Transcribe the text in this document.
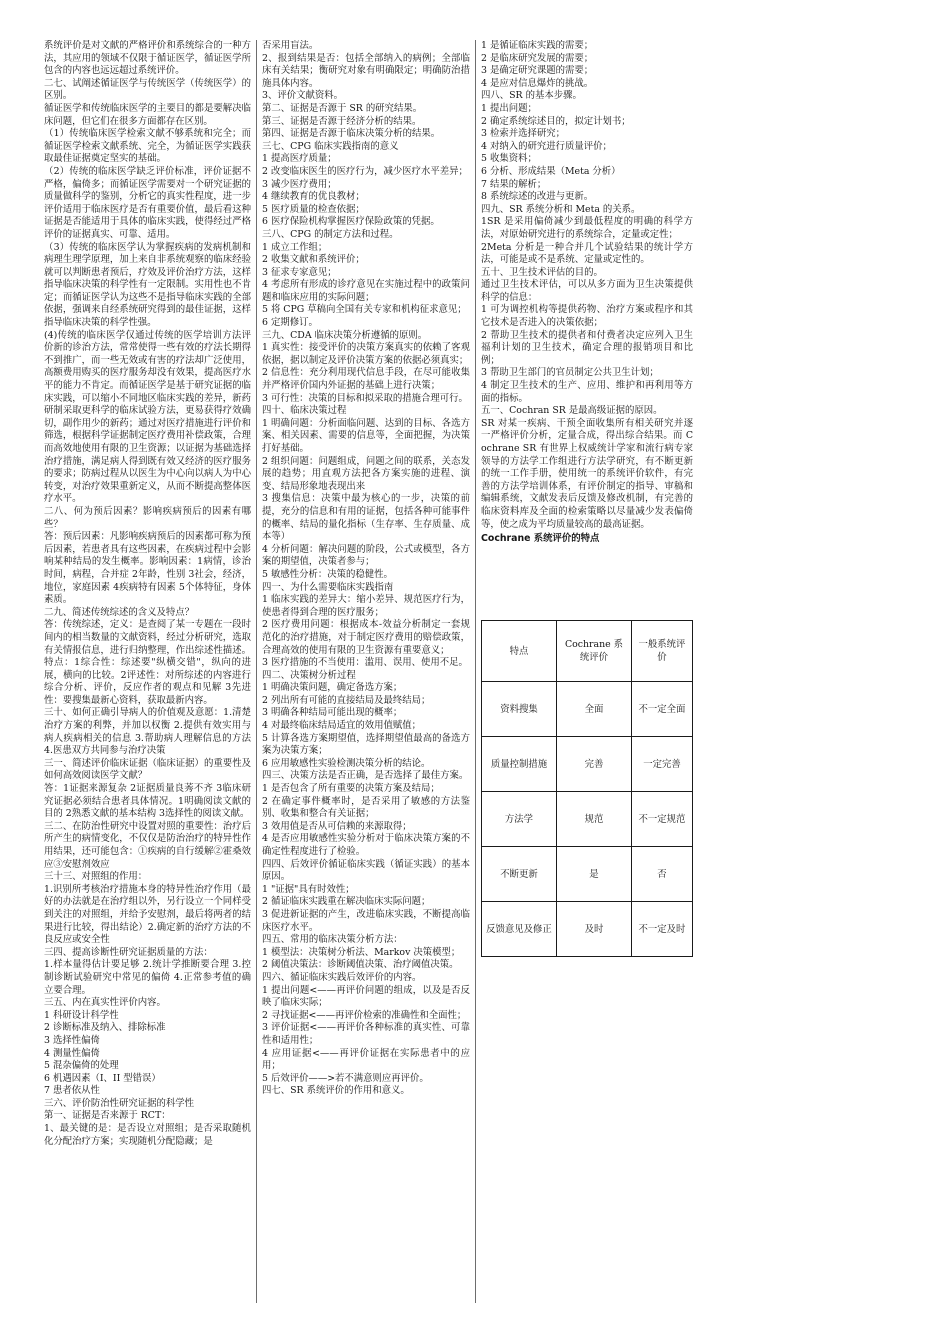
系统评价是对文献的严格评价和系统综合的一种方法，其应用的领域不仅限于循证医学，循证医学所包含的内容也远远超过系统评价。

二七、试阐述循证医学与传统医学（传统医学）的区别。

循证医学和传统临床医学的主要目的都是要解决临床问题，但它们在很多方面都存在区别。

（1）传统临床医学检索文献不够系统和完全；而循证医学检索文献系统、完全，为循证医学实践获取最佳证据奠定坚实的基础。

（2）传统的临床医学缺乏评价标准，评价证据不严格，偏倚多；而循证医学需要对一个研究证据的质量做科学的鉴别，分析它的真实性程度，进一步评价适用于临床医疗是否有重要价值，最后看这种证据是否能适用于具体的临床实践，使得经过严格评价的证据真实、可靠、适用。

（3）传统的临床医学认为掌握疾病的发病机制和病理生理学原理，加上来自非系统观察的临床经验就可以判断患者预后，疗效及评价治疗方法，这样指导临床决策的科学性有一定限制。实用性也不肯定；而循证医学认为这些不是指导临床实践的全部依据，强调来自经系统研究得到的最佳证据，这样指导临床决策的科学性强。

(4)传统的临床医学仅通过传统的医学培训方法评价新的诊治方法，常常使得一些有效的疗法长期得不到推广，而一些无效或有害的疗法却广泛使用，高额费用购买的医疗服务却没有效果，提高医疗水平的能力不肯定。而循证医学是基于研究证据的临床实践，可以缩小不同地区临床实践的差异，新药研制采取更科学的临床试验方法，更易获得疗效确切，副作用少的新药；通过对医疗措施进行评价和筛选，根据科学证据制定医疗费用补偿政策，合理而高效地使用有限的卫生资源；以证据为基础选择治疗措施，满足病人得到既有效又经济的医疗服务的要求；防病过程从以医生为中心向以病人为中心转变，对治疗效果重新定义，从而不断提高整体医疗水平。

二八、何为预后因素？影响疾病预后的因素有哪些？

答：预后因素：凡影响疾病预后的因素都可称为预后因素，若患者具有这些因素，在疾病过程中会影响某种结局的发生概率。影响因素：1病情，诊治时间，病程，合并症 2年龄，性别 3社会，经济，地位，家庭因素 4疾病特有因素 5个体特征，身体素质。

二九、简述传统综述的含义及特点？

答：传统综述，定义：是查阅了某一专题在一段时间内的相当数量的文献资料，经过分析研究，选取有关情报信息，进行归纳整理，作出综述性描述。特点：1综合性：综述要"纵横交错"，纵向的进展，横向的比较。2评述性：对所综述的内容进行综合分析、评价，反应作者的观点和见解 3先进性：要搜集最新心资料，获取最新内容。

三十、如何正确引导病人的价值观及意愿：1.清楚治疗方案的利弊，并加以权衡 2.提供有效实用与病人疾病相关的信息 3.帮助病人理解信息的方法 4.医患双方共同参与治疗决策

三一、简述评价临床证据（临床证据）的重要性及如何高效阅读医学文献？

答：1证据来源复杂 2证据质量良莠不齐 3临床研究证据必须结合患者具体情况。1明确阅读文献的目的 2熟悉文献的基本结构 3选择性的阅读文献。

三二、在防治性研究中设置对照的重要性：治疗后所产生的病情变化，不仅仅是防治治疗的特异性作用结果，还可能包含：①疾病的自行缓解②霍桑效应③安慰剂效应

三十三、对照组的作用：

1.识别所考核治疗措施本身的特异性治疗作用（最好的办法就是在治疗组以外，另行设立一个同样受到关注的对照组，并给予安慰剂，最后将两者的结果进行比较，得出结论）2.确定新的治疗方法的不良反应或安全性

三四、提高诊断性研究证据质量的方法：

1.样本量得估计要足够 2.统计学推断要合理 3.控制诊断试验研究中常见的偏倚 4.正常参考值的确立要合理。

三五、内在真实性评价内容。

1 科研设计科学性

2 诊断标准及纳入、排除标准

3 选择性偏倚

4 测量性偏倚

5 混杂偏倚的处理

6 机遇因素（I、II 型错误）

7 患者依从性

三六、评价防治性研究证据的科学性

第一、证据是否来源于 RCT：

1、最关键的是：是否设立对照组；是否采取随机化分配治疗方案；实现随机分配隐藏；是

否采用盲法。

2、报到结果是否：包括全部纳入的病例；全部临床有关结果；衡研究对象有明确限定；明确防治措施具体内容。

3、评价文献资料。

第二、证据是否源于 SR 的研究结果。

第三、证据是否源于经济分析的结果。

第四、证据是否源于临床决策分析的结果。

三七、CPG 临床实践指南的意义

1 提高医疗质量；

2 改变临床医生的医疗行为，减少医疗水平差异；

3 减少医疗费用；

4 继续教育的优良教材；

5 医疗质量的检查依据；

6 医疗保险机构掌握医疗保险政策的凭据。

三八、CPG 的制定方法和过程。

1 成立工作组；

2 收集文献和系统评价；

3 征求专家意见；

4 考虑所有形成的诊疗意见在实施过程中的政策问题和临床应用的实际问题；

5 将 CPG 草稿向全国有关专家和机构征求意见；

6 定期修订。

三九、CDA 临床决策分析遵循的原则。

1 真实性：接受评价的决策方案真实的依赖了客观依据，据以制定及评价决策方案的依据必须真实；

2 信息性：充分利用现代信息手段，在尽可能收集并严格评价国内外证据的基础上进行决策；

3 可行性：决策的目标和拟采取的措施合理可行。

四十、临床决策过程

1 明确问题：分析面临问题、达到的目标、各选方案、相关因素、需要的信息等，全面把握，为决策打好基础。

2 组织问题：问题组成，问题之间的联系，关态发展的趋势；用直观方法把各方案实施的进程、演变、结局形象地表现出来

3 搜集信息：决策中最为核心的一步，决策的前提，充分的信息和有用的证据，包括各种可能事件的概率、结局的量化指标（生存率、生存质量、成本等）

4 分析问题：解决问题的阶段，公式或模型，各方案的期望值，决策者参与；

5 敏感性分析：决策的稳健性。

四一、为什么需要临床实践指南

1 临床实践的差异大：缩小差异、规范医疗行为，使患者得到合理的医疗服务；

2 医疗费用问题：根据成本-效益分析制定一套规范化的治疗措施，对于制定医疗费用的赔偿政策，合理高效的使用有限的卫生资源有重要意义；

3 医疗措施的不当使用：滥用、误用、使用不足。

四二、决策树分析过程

1 明确决策问题，确定备选方案；

2 列出所有可能的直接结局及最终结局；

3 明确各种结局可能出现的概率；

4 对最终临床结局适宜的效用值赋值；

5 计算各选方案期望值，选择期望值最高的备选方案为决策方案；

6 应用敏感性实验检测决策分析的结论。

四三、决策方法是否正确，是否选择了最佳方案。

1 是否包含了所有重要的决策方案及结局；

2 在确定事件概率时，是否采用了敏感的方法鉴别、收集和整合有关证据；

3 效用值是否从可信赖的来源取得；

4 是否应用敏感性实验分析对于临床决策方案的不确定性程度进行了检验。

四四、后效评价循证临床实践（循证实践）的基本原因。

1 "证据"具有时效性；

2 循证临床实践重在解决临床实际问题；

3 促进新证据的产生，改进临床实践，不断提高临床医疗水平。

四五、常用的临床决策分析方法：

1 模型法：决策树分析法、Markov 决策模型；

2 阈值决策法：诊断阈值决策、治疗阈值决策。

四六、循证临床实践后效评价的内容。

1 提出问题<——再评价问题的组成，以及是否反映了临床实际；

2 寻找证据<——再评价检索的准确性和全面性；

3 评价证据<——再评价各种标准的真实性、可靠性和适用性；

4 应用证据<——再评价证据在实际患者中的应用；

5 后效评价——>若不满意则应再评价。

四七、SR 系统评价的作用和意义。

1 是循证临床实践的需要；

2 是临床研究发展的需要；

3 是确定研究课题的需要；

4 是应对信息爆炸的挑战。

四八、SR 的基本步骤。

1 提出问题；

2 确定系统综述目的，拟定计划书；

3 检索并选择研究；

4 对纳入的研究进行质量评价；

5 收集资料；

6 分析、形成结果（Meta 分析）

7 结果的解析；

8 系统综述的改进与更新。

四九、SR 系统分析和 Meta 的关系。

1SR 是采用偏倚减少到最低程度的明确的科学方法，对原始研究进行的系统综合，定量或定性；

2Meta 分析是一种合并几个试验结果的统计学方法，可能是或不是系统、定量或定性的。

五十、卫生技术评估的目的。

通过卫生技术评估，可以从多方面为卫生决策提供科学的信息：

1 可为调控机构等提供药物、治疗方案或程序和其它技术是否进入的决策依据；

2 帮助卫生技术的提供者和付费者决定应列入卫生福利计划的卫生技术，确定合理的报销项目和比例；

3 帮助卫生部门的官员制定公共卫生计划；

4 制定卫生技术的生产、应用、维护和再利用等方面的指标。

五一、Cochran SR 是最高级证据的原因。

SR 对某一疾病、干预全面收集所有相关研究并逐一严格评价分析，定量合成，得出综合结果。而 Cochrane SR 有世界上权威统计学家和流行病专家领导的方法学工作组进行方法学研究，有不断更新的统一工作手册，使用统一的系统评价软件，有完善的方法学培训体系，有评价制定的指导、审稿和编辑系统，文献发表后反馈及修改机制，有完善的临床资料库及全面的检索策略以尽量减少发表偏倚等，使之成为平均质量较高的最高证据。

Cochrane 系统评价的特点
特点	Cochrane 系统评价	一般系统评价
资料搜集	全面	不一定全面
质量控制措施	完善	一定完善
方法学	规范	不一定规范
不断更新	是	否
反馈意见及修正	及时	不一定及时
